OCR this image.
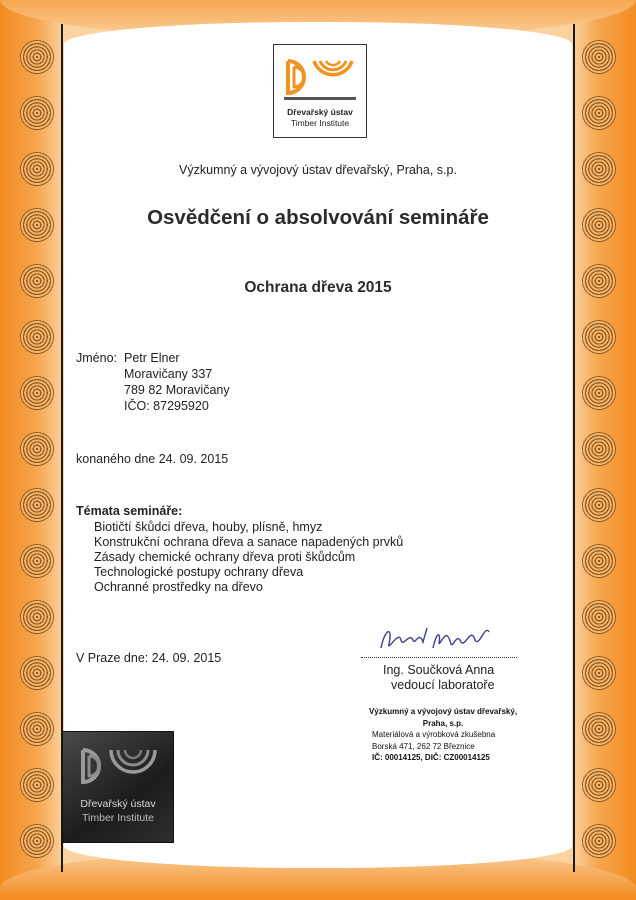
Dřevařský ústav
Timber Institute
Výzkumný a vývojový ústav dřevařský, Praha, s.p.
Osvědčení o absolvování semináře
Ochrana dřeva 2015
Jméno: Petr Elner
Moravičany 337
789 82 Moravičany
IČO: 87295920
konaného dne 24. 09. 2015
Témata semináře:
Biotičtí škůdci dřeva, houby, plísně, hmyz
Konstrukční ochrana dřeva a sanace napadených prvků
Zásady chemické ochrany dřeva proti škůdcům
Technologické postupy ochrany dřeva
Ochranné prostředky na dřevo
V Praze dne: 24. 09. 2015
Ing. Součková Anna
vedoucí laboratoře
Výzkumný a vývojový ústav dřevařský,
Praha, s.p.
Materiálová a výrobková zkušebna
Borská 471, 262 72 Březnice
IČ: 00014125, DIČ: CZ00014125
Dřevařský ústav
Timber Institute
